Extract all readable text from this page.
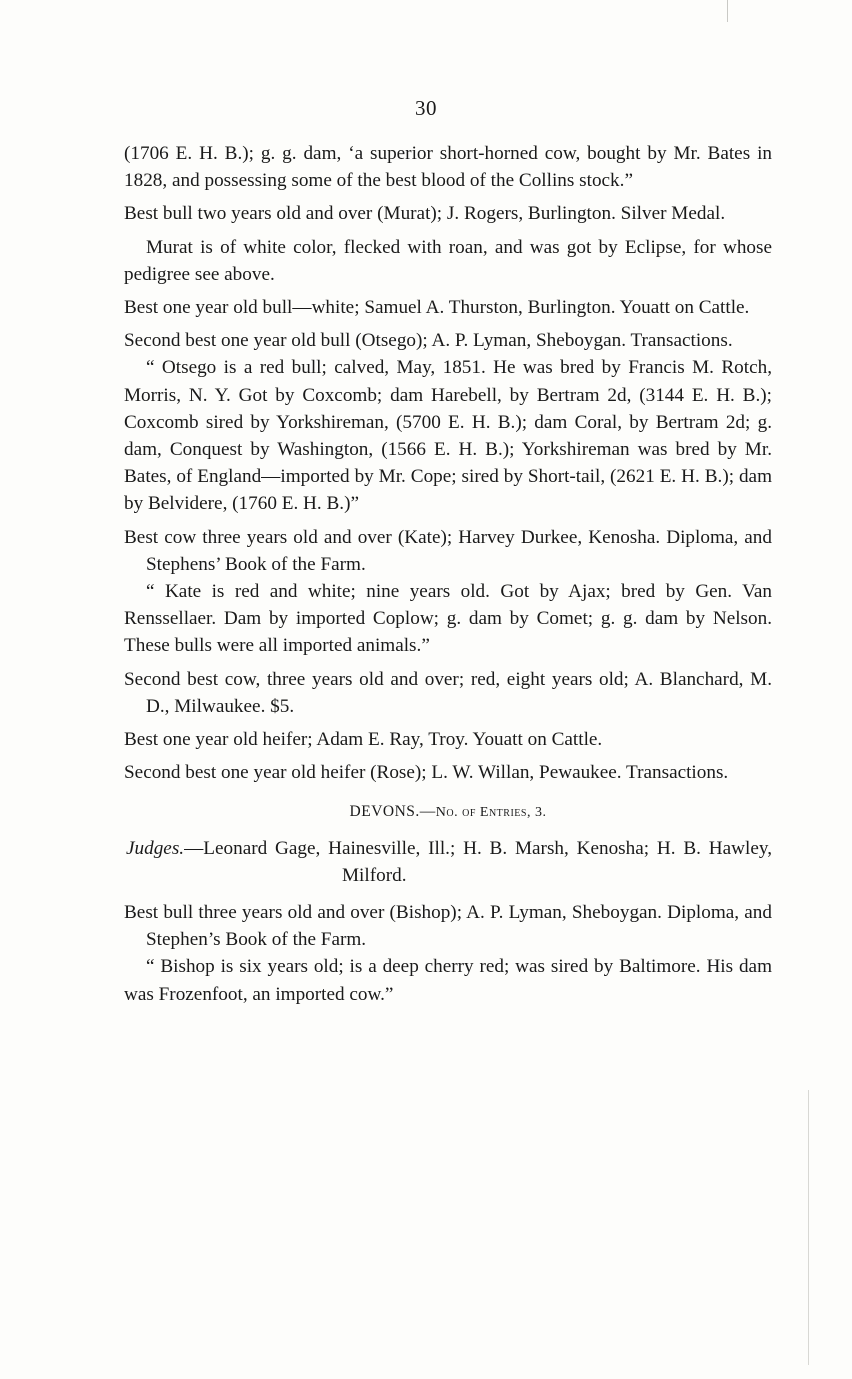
30

(1706 E. H. B.); g. g. dam, ‘a superior short-horned cow, bought by Mr. Bates in 1828, and possessing some of the best blood of the Collins stock.”

Best bull two years old and over (Murat); J. Rogers, Burlington. Silver Medal.

Murat is of white color, flecked with roan, and was got by Eclipse, for whose pedigree see above.

Best one year old bull—white; Samuel A. Thurston, Burlington. Youatt on Cattle.

Second best one year old bull (Otsego); A. P. Lyman, Sheboygan. Transactions.

“ Otsego is a red bull; calved, May, 1851. He was bred by Francis M. Rotch, Morris, N. Y. Got by Coxcomb; dam Harebell, by Bertram 2d, (3144 E. H. B.); Coxcomb sired by Yorkshireman, (5700 E. H. B.); dam Coral, by Bertram 2d; g. dam, Conquest by Washington, (1566 E. H. B.); Yorkshireman was bred by Mr. Bates, of England—imported by Mr. Cope; sired by Short-tail, (2621 E. H. B.); dam by Belvidere, (1760 E. H. B.)”

Best cow three years old and over (Kate); Harvey Durkee, Kenosha. Diploma, and Stephens’ Book of the Farm.

“ Kate is red and white; nine years old. Got by Ajax; bred by Gen. Van Renssellaer. Dam by imported Coplow; g. dam by Comet; g. g. dam by Nelson. These bulls were all imported animals.”

Second best cow, three years old and over; red, eight years old; A. Blanchard, M. D., Milwaukee. $5.

Best one year old heifer; Adam E. Ray, Troy. Youatt on Cattle.

Second best one year old heifer (Rose); L. W. Willan, Pewaukee. Transactions.

DEVONS.—No. of Entries, 3.

Judges.—Leonard Gage, Hainesville, Ill.; H. B. Marsh, Kenosha; H. B. Hawley, Milford.

Best bull three years old and over (Bishop); A. P. Lyman, Sheboygan. Diploma, and Stephen’s Book of the Farm.

“ Bishop is six years old; is a deep cherry red; was sired by Baltimore. His dam was Frozenfoot, an imported cow.”
